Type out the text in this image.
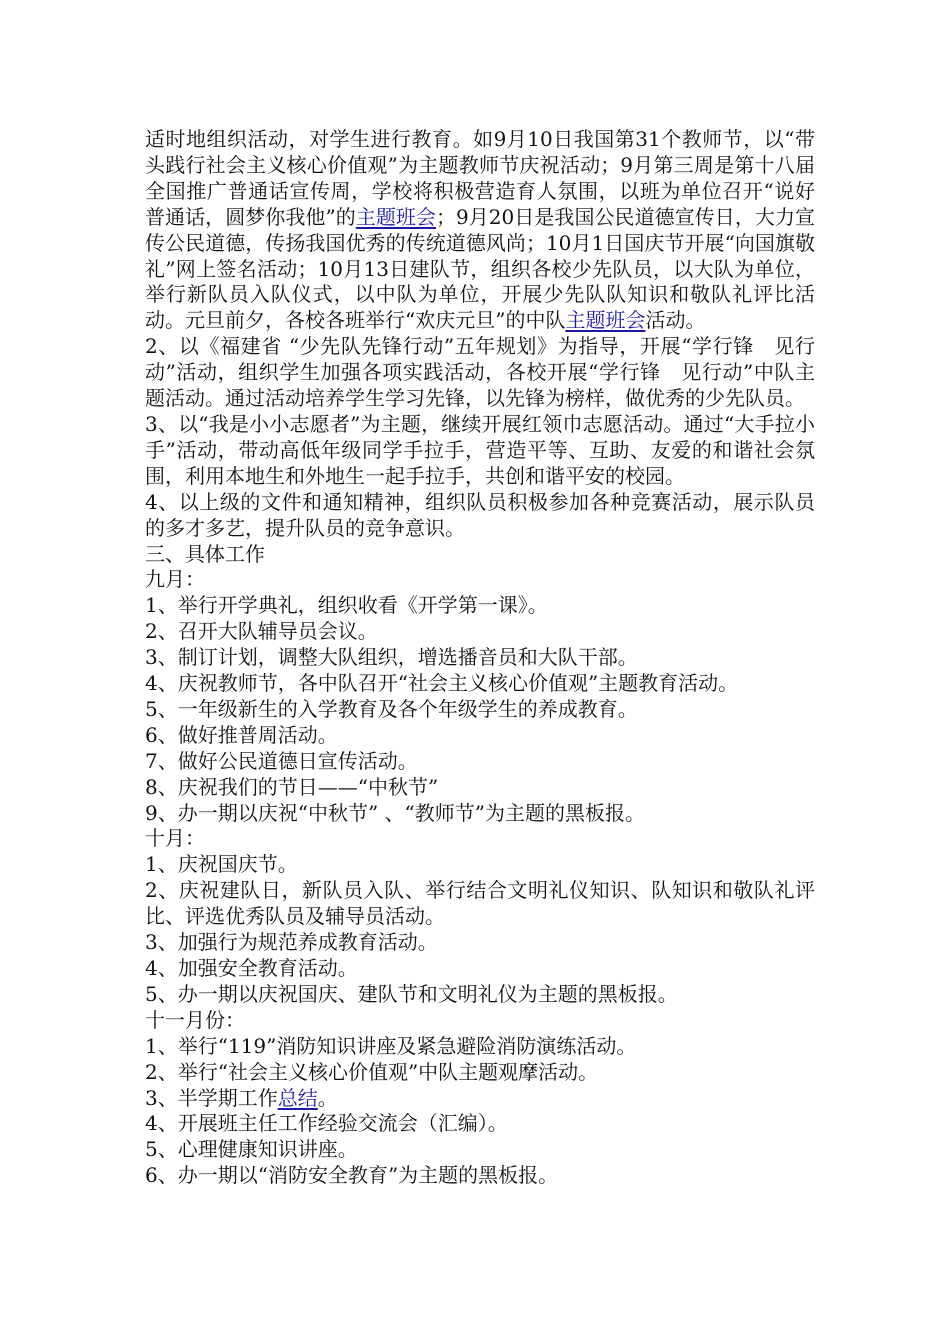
适时地组织活动，对学生进行教育。如9月10日我国第31个教师节，以“带头践行社会主义核心价值观”为主题教师节庆祝活动；9月第三周是第十八届全国推广普通话宣传周，学校将积极营造育人氛围，以班为单位召开“说好普通话，圆梦你我他”的主题班会；9月20日是我国公民道德宣传日，大力宣传公民道德，传扬我国优秀的传统道德风尚；10月1日国庆节开展“向国旗敬礼”网上签名活动；10月13日建队节，组织各校少先队员，以大队为单位，举行新队员入队仪式，以中队为单位，开展少先队队知识和敬队礼评比活动。元旦前夕，各校各班举行“欢庆元旦”的中队主题班会活动。

2、以《福建省 “少先队先锋行动”五年规划》为指导，开展“学行锋　见行动”活动，组织学生加强各项实践活动，各校开展“学行锋　见行动”中队主题活动。通过活动培养学生学习先锋，以先锋为榜样，做优秀的少先队员。

3、以“我是小小志愿者”为主题，继续开展红领巾志愿活动。通过“大手拉小手”活动，带动高低年级同学手拉手，营造平等、互助、友爱的和谐社会氛围，利用本地生和外地生一起手拉手，共创和谐平安的校园。

4、以上级的文件和通知精神，组织队员积极参加各种竞赛活动，展示队员的多才多艺，提升队员的竞争意识。

三、具体工作

九月：

1、举行开学典礼，组织收看《开学第一课》。

2、召开大队辅导员会议。

3、制订计划，调整大队组织，增选播音员和大队干部。

4、庆祝教师节，各中队召开“社会主义核心价值观”主题教育活动。

5、一年级新生的入学教育及各个年级学生的养成教育。

6、做好推普周活动。

7、做好公民道德日宣传活动。

8、庆祝我们的节日——“中秋节”

9、办一期以庆祝“中秋节” 、“教师节”为主题的黑板报。

十月：

1、庆祝国庆节。

2、庆祝建队日，新队员入队、举行结合文明礼仪知识、队知识和敬队礼评比、评选优秀队员及辅导员活动。

3、加强行为规范养成教育活动。

4、加强安全教育活动。

5、办一期以庆祝国庆、建队节和文明礼仪为主题的黑板报。

十一月份：

1、举行“119”消防知识讲座及紧急避险消防演练活动。

2、举行“社会主义核心价值观”中队主题观摩活动。

3、半学期工作总结。

4、开展班主任工作经验交流会（汇编）。

5、心理健康知识讲座。

6、办一期以“消防安全教育”为主题的黑板报。
